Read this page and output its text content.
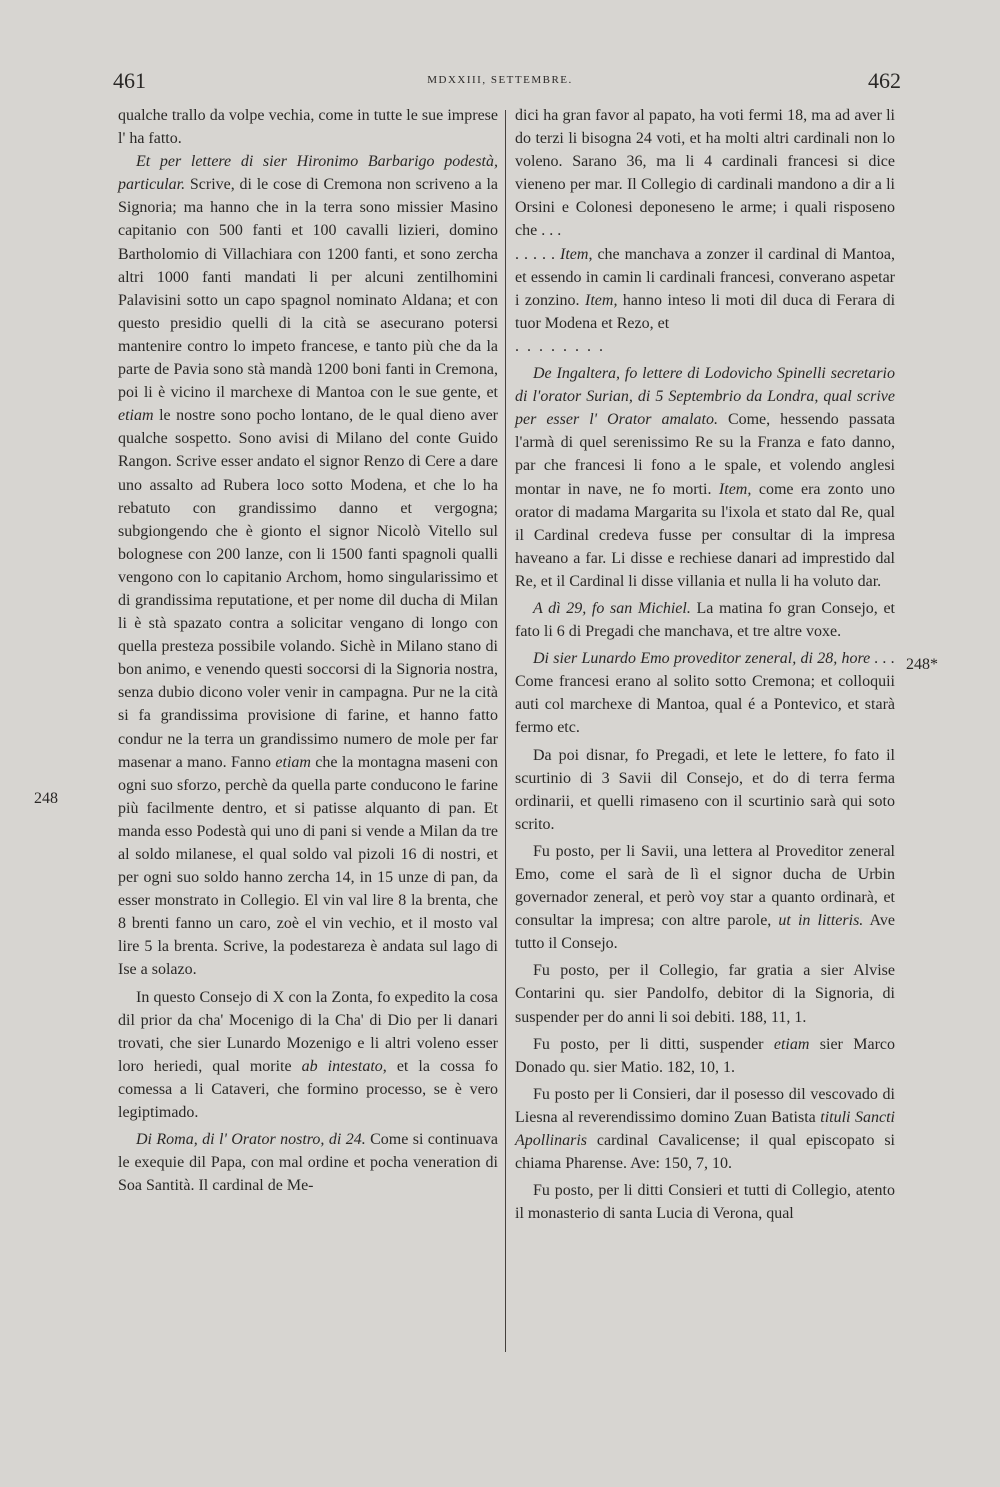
461	MDXXIII, SETTEMBRE.	462
248
248*

qualche trallo da volpe vechia, come in tutte le sue imprese l' ha fatto.

Et per lettere di sier Hironimo Barbarigo podestà, particular. Scrive, di le cose di Cremona non scriveno a la Signoria; ma hanno che in la terra sono missier Masino capitanio con 500 fanti et 100 cavalli lizieri, domino Bartholomio di Villachiara con 1200 fanti, et sono zercha altri 1000 fanti mandati li per alcuni zentilhomini Palavisini sotto un capo spagnol nominato Aldana; et con questo presidio quelli di la cità se asecurano potersi mantenire contro lo impeto francese, e tanto più che da la parte de Pavia sono stà mandà 1200 boni fanti in Cremona, poi li è vicino il marchexe di Mantoa con le sue gente, et etiam le nostre sono pocho lontano, de le qual dieno aver qualche sospetto. Sono avisi di Milano del conte Guido Rangon. Scrive esser andato el signor Renzo di Cere a dare uno assalto ad Rubera loco sotto Modena, et che lo ha rebatuto con grandissimo danno et vergogna; subgiongendo che è gionto el signor Nicolò Vitello sul bolognese con 200 lanze, con li 1500 fanti spagnoli qualli vengono con lo capitanio Archom, homo singularissimo et di grandissima reputatione, et per nome dil ducha di Milan li è stà spazato contra a solicitar vengano di longo con quella presteza possibile volando. Sichè in Milano stano di bon animo, e venendo questi soccorsi di la Signoria nostra, senza dubio dicono voler venir in campagna. Pur ne la cità si fa grandissima provisione di farine, et hanno fatto condur ne la terra un grandissimo numero de mole per far masenar a mano. Fanno etiam che la montagna maseni con ogni suo sforzo, perchè da quella parte conducono le farine più facilmente dentro, et si patisse alquanto di pan. Et manda esso Podestà qui uno di pani si vende a Milan da tre al soldo milanese, el qual soldo val pizoli 16 di nostri, et per ogni suo soldo hanno zercha 14, in 15 unze di pan, da esser monstrato in Collegio. El vin val lire 8 la brenta, che 8 brenti fanno un caro, zoè el vin vechio, et il mosto val lire 5 la brenta. Scrive, la podestareza è andata sul lago di Ise a solazo.

In questo Consejo di X con la Zonta, fo expedito la cosa dil prior da cha' Mocenigo di la Cha' di Dio per li danari trovati, che sier Lunardo Mozenigo e li altri voleno esser loro heriedi, qual morite ab intestato, et la cossa fo comessa a li Cataveri, che formino processo, se è vero legiptimado.

Di Roma, di l' Orator nostro, di 24. Come si continuava le exequie dil Papa, con mal ordine et pocha veneration di Soa Santità. Il cardinal de Me-

dici ha gran favor al papato, ha voti fermi 18, ma ad aver li do terzi li bisogna 24 voti, et ha molti altri cardinali non lo voleno. Sarano 36, ma li 4 cardinali francesi si dice vieneno per mar. Il Collegio di cardinali mandono a dir a li Orsini e Colonesi deponeseno le arme; i quali risposeno che . . .

. . . . . Item, che manchava a zonzer il cardinal di Mantoa, et essendo in camin li cardinali francesi, converano aspetar i zonzino. Item, hanno inteso li moti dil duca di Ferara di tuor Modena et Rezo, et

. . . . . . . .

De Ingaltera, fo lettere di Lodovicho Spinelli secretario di l'orator Surian, di 5 Septembrio da Londra, qual scrive per esser l' Orator amalato. Come, hessendo passata l'armà di quel serenissimo Re su la Franza e fato danno, par che francesi li fono a le spale, et volendo anglesi montar in nave, ne fo morti. Item, come era zonto uno orator di madama Margarita su l'ixola et stato dal Re, qual il Cardinal credeva fusse per consultar di la impresa haveano a far. Li disse e rechiese danari ad imprestido dal Re, et il Cardinal li disse villania et nulla li ha voluto dar.

A dì 29, fo san Michiel. La matina fo gran Consejo, et fato li 6 di Pregadi che manchava, et tre altre voxe.

Di sier Lunardo Emo proveditor zeneral, di 28, hore . . . Come francesi erano al solito sotto Cremona; et colloquii auti col marchexe di Mantoa, qual é a Pontevico, et starà fermo etc.

Da poi disnar, fo Pregadi, et lete le lettere, fo fato il scurtinio di 3 Savii dil Consejo, et do di terra ferma ordinarii, et quelli rimaseno con il scurtinio sarà qui soto scrito.

Fu posto, per li Savii, una lettera al Proveditor zeneral Emo, come el sarà de lì el signor ducha de Urbin governador zeneral, et però voy star a quanto ordinarà, et consultar la impresa; con altre parole, ut in litteris. Ave tutto il Consejo.

Fu posto, per il Collegio, far gratia a sier Alvise Contarini qu. sier Pandolfo, debitor di la Signoria, di suspender per do anni li soi debiti. 188, 11, 1.

Fu posto, per li ditti, suspender etiam sier Marco Donado qu. sier Matio. 182, 10, 1.

Fu posto per li Consieri, dar il posesso dil vescovado di Liesna al reverendissimo domino Zuan Batista tituli Sancti Apollinaris cardinal Cavalicense; il qual episcopato si chiama Pharense. Ave: 150, 7, 10.

Fu posto, per li ditti Consieri et tutti di Collegio, atento il monasterio di santa Lucia di Verona, qual
